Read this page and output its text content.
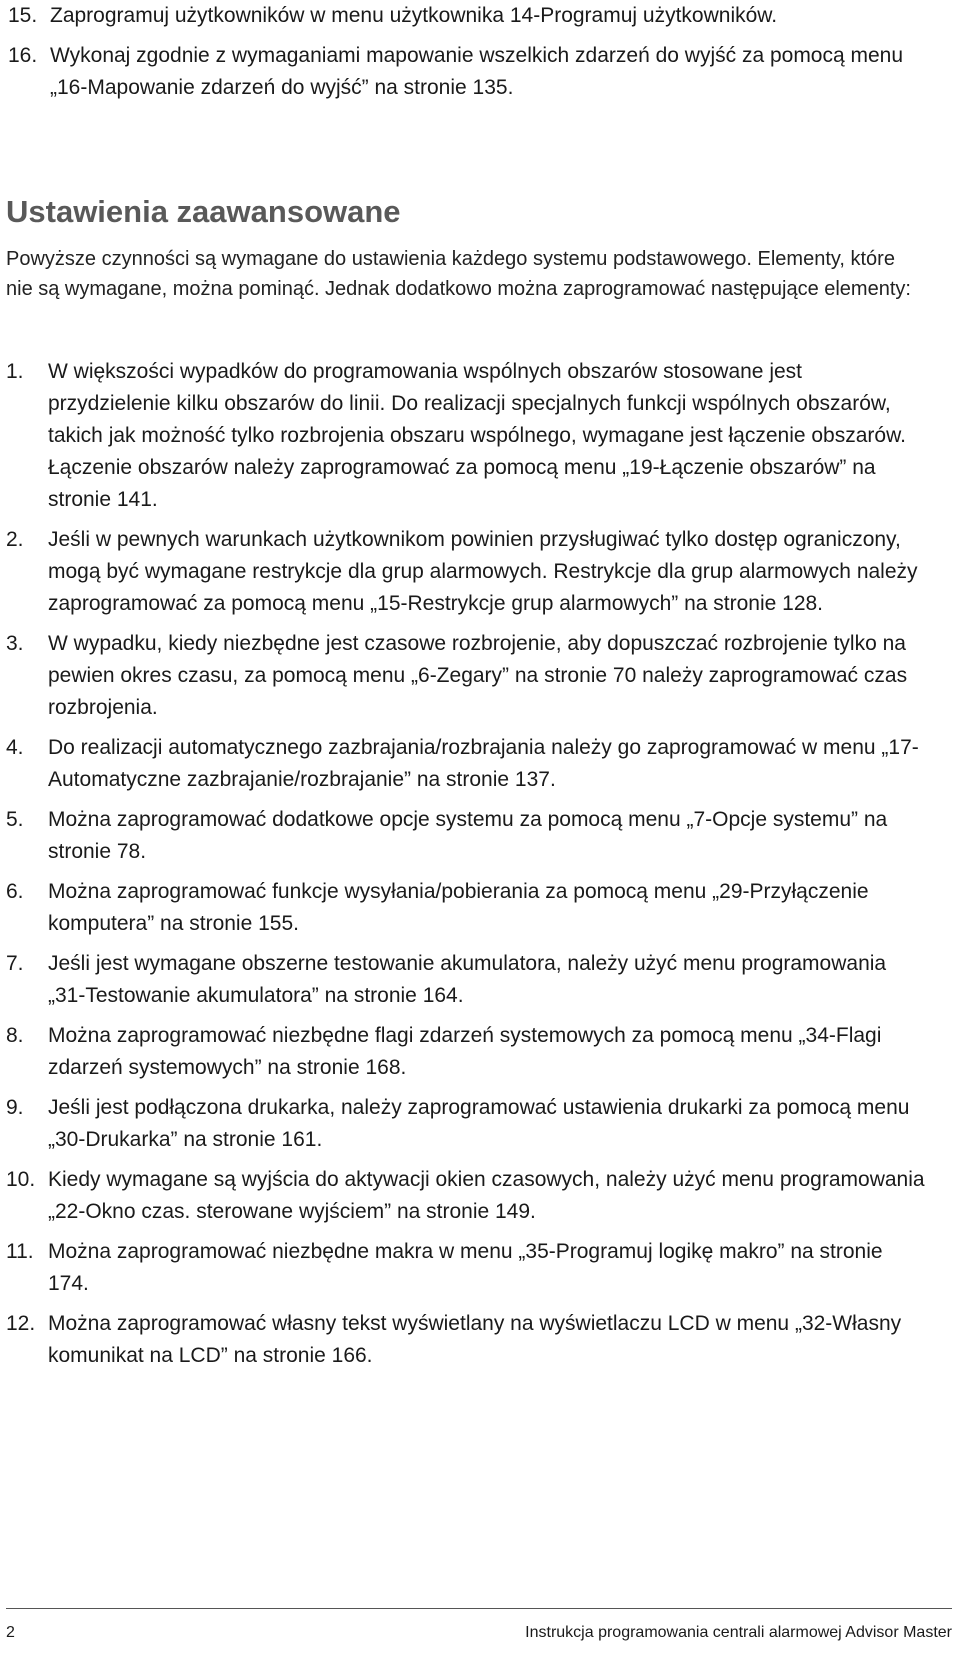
15. Zaprogramuj użytkowników w menu użytkownika 14-Programuj użytkowników.
16. Wykonaj zgodnie z wymaganiami mapowanie wszelkich zdarzeń do wyjść za pomocą menu „16-Mapowanie zdarzeń do wyjść” na stronie 135.
Ustawienia zaawansowane

Powyższe czynności są wymagane do ustawienia każdego systemu podstawowego. Elementy, które nie są wymagane, można pominąć. Jednak dodatkowo można zaprogramować następujące elementy:

1. W większości wypadków do programowania wspólnych obszarów stosowane jest przydzielenie kilku obszarów do linii. Do realizacji specjalnych funkcji wspólnych obszarów, takich jak możność tylko rozbrojenia obszaru wspólnego, wymagane jest łączenie obszarów. Łączenie obszarów należy zaprogramować za pomocą menu „19-Łączenie obszarów” na stronie 141.
2. Jeśli w pewnych warunkach użytkownikom powinien przysługiwać tylko dostęp ograniczony, mogą być wymagane restrykcje dla grup alarmowych. Restrykcje dla grup alarmowych należy zaprogramować za pomocą menu „15-Restrykcje grup alarmowych” na stronie 128.
3. W wypadku, kiedy niezbędne jest czasowe rozbrojenie, aby dopuszczać rozbrojenie tylko na pewien okres czasu, za pomocą menu „6-Zegary” na stronie 70 należy zaprogramować czas rozbrojenia.
4. Do realizacji automatycznego zazbrajania/rozbrajania należy go zaprogramować w menu „17-Automatyczne zazbrajanie/rozbrajanie” na stronie 137.
5. Można zaprogramować dodatkowe opcje systemu za pomocą menu „7-Opcje systemu” na stronie 78.
6. Można zaprogramować funkcje wysyłania/pobierania za pomocą menu „29-Przyłączenie komputera” na stronie 155.
7. Jeśli jest wymagane obszerne testowanie akumulatora, należy użyć menu programowania „31-Testowanie akumulatora” na stronie 164.
8. Można zaprogramować niezbędne flagi zdarzeń systemowych za pomocą menu „34-Flagi zdarzeń systemowych” na stronie 168.
9. Jeśli jest podłączona drukarka, należy zaprogramować ustawienia drukarki za pomocą menu „30-Drukarka” na stronie 161.
10. Kiedy wymagane są wyjścia do aktywacji okien czasowych, należy użyć menu programowania „22-Okno czas. sterowane wyjściem” na stronie 149.
11. Można zaprogramować niezbędne makra w menu „35-Programuj logikę makro” na stronie 174.
12. Można zaprogramować własny tekst wyświetlany na wyświetlaczu LCD w menu „32-Własny komunikat na LCD” na stronie 166.
2	Instrukcja programowania centrali alarmowej Advisor Master
